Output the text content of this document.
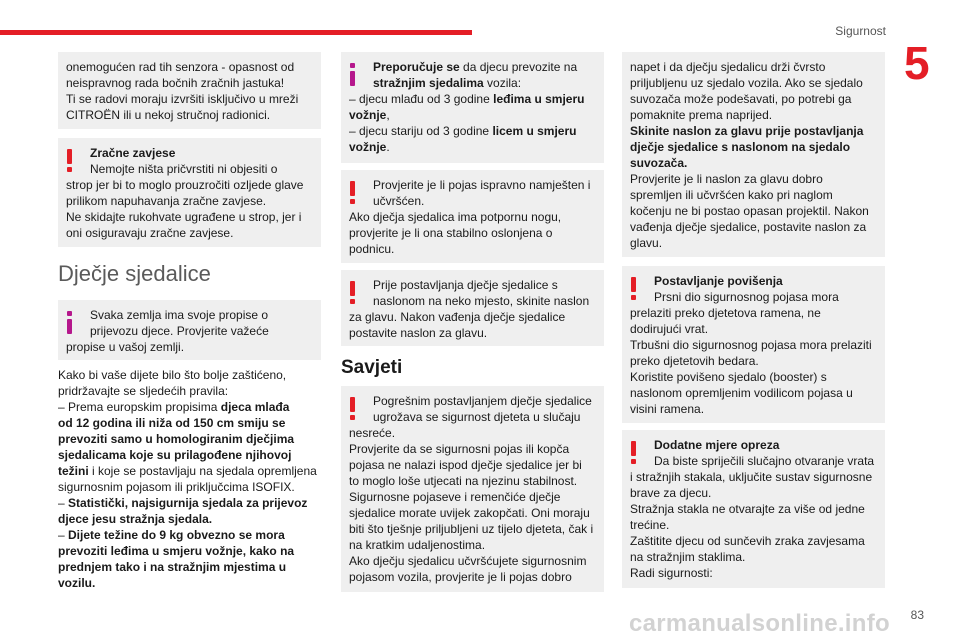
Sigurnost
5

onemogućen rad tih senzora - opasnost od

neispravnog rada bočnih zračnih jastuka!

Ti se radovi moraju izvršiti isključivo u mreži

CITROËN ili u nekoj stručnoj radionici.

Zračne zavjese

Nemojte ništa pričvrstiti ni objesiti o

strop jer bi to moglo prouzročiti ozljede glave

prilikom napuhavanja zračne zavjese.

Ne skidajte rukohvate ugrađene u strop, jer i

oni osiguravaju zračne zavjese.

Dječje sjedalice

Svaka zemlja ima svoje propise o

prijevozu djece. Provjerite važeće

propise u vašoj zemlji.

Kako bi vaše dijete bilo što bolje zaštićeno,

pridržavajte se sljedećih pravila:

– Prema europskim propisima djeca mlađa

od 12 godina ili niža od 150 cm smiju se

prevoziti samo u homologiranim dječjima

sjedalicama koje su prilagođene njihovoj

težini i koje se postavljaju na sjedala opremljena

sigurnosnim pojasom ili priključcima ISOFIX.

– Statistički, najsigurnija sjedala za prijevoz

djece jesu stražnja sjedala.

– Dijete težine do 9 kg obvezno se mora

prevoziti leđima u smjeru vožnje, kako na

prednjem tako i na stražnjim mjestima u

vozilu.

Preporučuje se da djecu prevozite na

stražnjim sjedalima vozila:

– djecu mlađu od 3 godine leđima u smjeru

vožnje,

– djecu stariju od 3 godine licem u smjeru

vožnje.

Provjerite je li pojas ispravno namješten i

učvršćen.

Ako dječja sjedalica ima potpornu nogu,

provjerite je li ona stabilno oslonjena o

podnicu.

Prije postavljanja dječje sjedalice s

naslonom na neko mjesto, skinite naslon

za glavu. Nakon vađenja dječje sjedalice

postavite naslon za glavu.

Savjeti

Pogrešnim postavljanjem dječje sjedalice

ugrožava se sigurnost djeteta u slučaju

nesreće.

Provjerite da se sigurnosni pojas ili kopča

pojasa ne nalazi ispod dječje sjedalice jer bi

to moglo loše utjecati na njezinu stabilnost.

Sigurnosne pojaseve i remenčiće dječje

sjedalice morate uvijek zakopčati. Oni moraju

biti što tješnje priljubljeni uz tijelo djeteta, čak i

na kratkim udaljenostima.

Ako dječju sjedalicu učvršćujete sigurnosnim

pojasom vozila, provjerite je li pojas dobro

napet i da dječju sjedalicu drži čvrsto

priljubljenu uz sjedalo vozila. Ako se sjedalo

suvozača može podešavati, po potrebi ga

pomaknite prema naprijed.

Skinite naslon za glavu prije postavljanja

dječje sjedalice s naslonom na sjedalo

suvozača.

Provjerite je li naslon za glavu dobro

spremljen ili učvršćen kako pri naglom

kočenju ne bi postao opasan projektil. Nakon

vađenja dječje sjedalice, postavite naslon za

glavu.

Postavljanje povišenja

Prsni dio sigurnosnog pojasa mora

prelaziti preko djetetova ramena, ne

dodirujući vrat.

Trbušni dio sigurnosnog pojasa mora prelaziti

preko djetetovih bedara.

Koristite povišeno sjedalo (booster) s

naslonom opremljenim vodilicom pojasa u

visini ramena.

Dodatne mjere opreza

Da biste spriječili slučajno otvaranje vrata

i stražnjih stakala, uključite sustav sigurnosne

brave za djecu.

Stražnja stakla ne otvarajte za više od jedne

trećine.

Zaštitite djecu od sunčevih zraka zavjesama

na stražnjim staklima.

Radi sigurnosti:

carmanualsonline.info 83
